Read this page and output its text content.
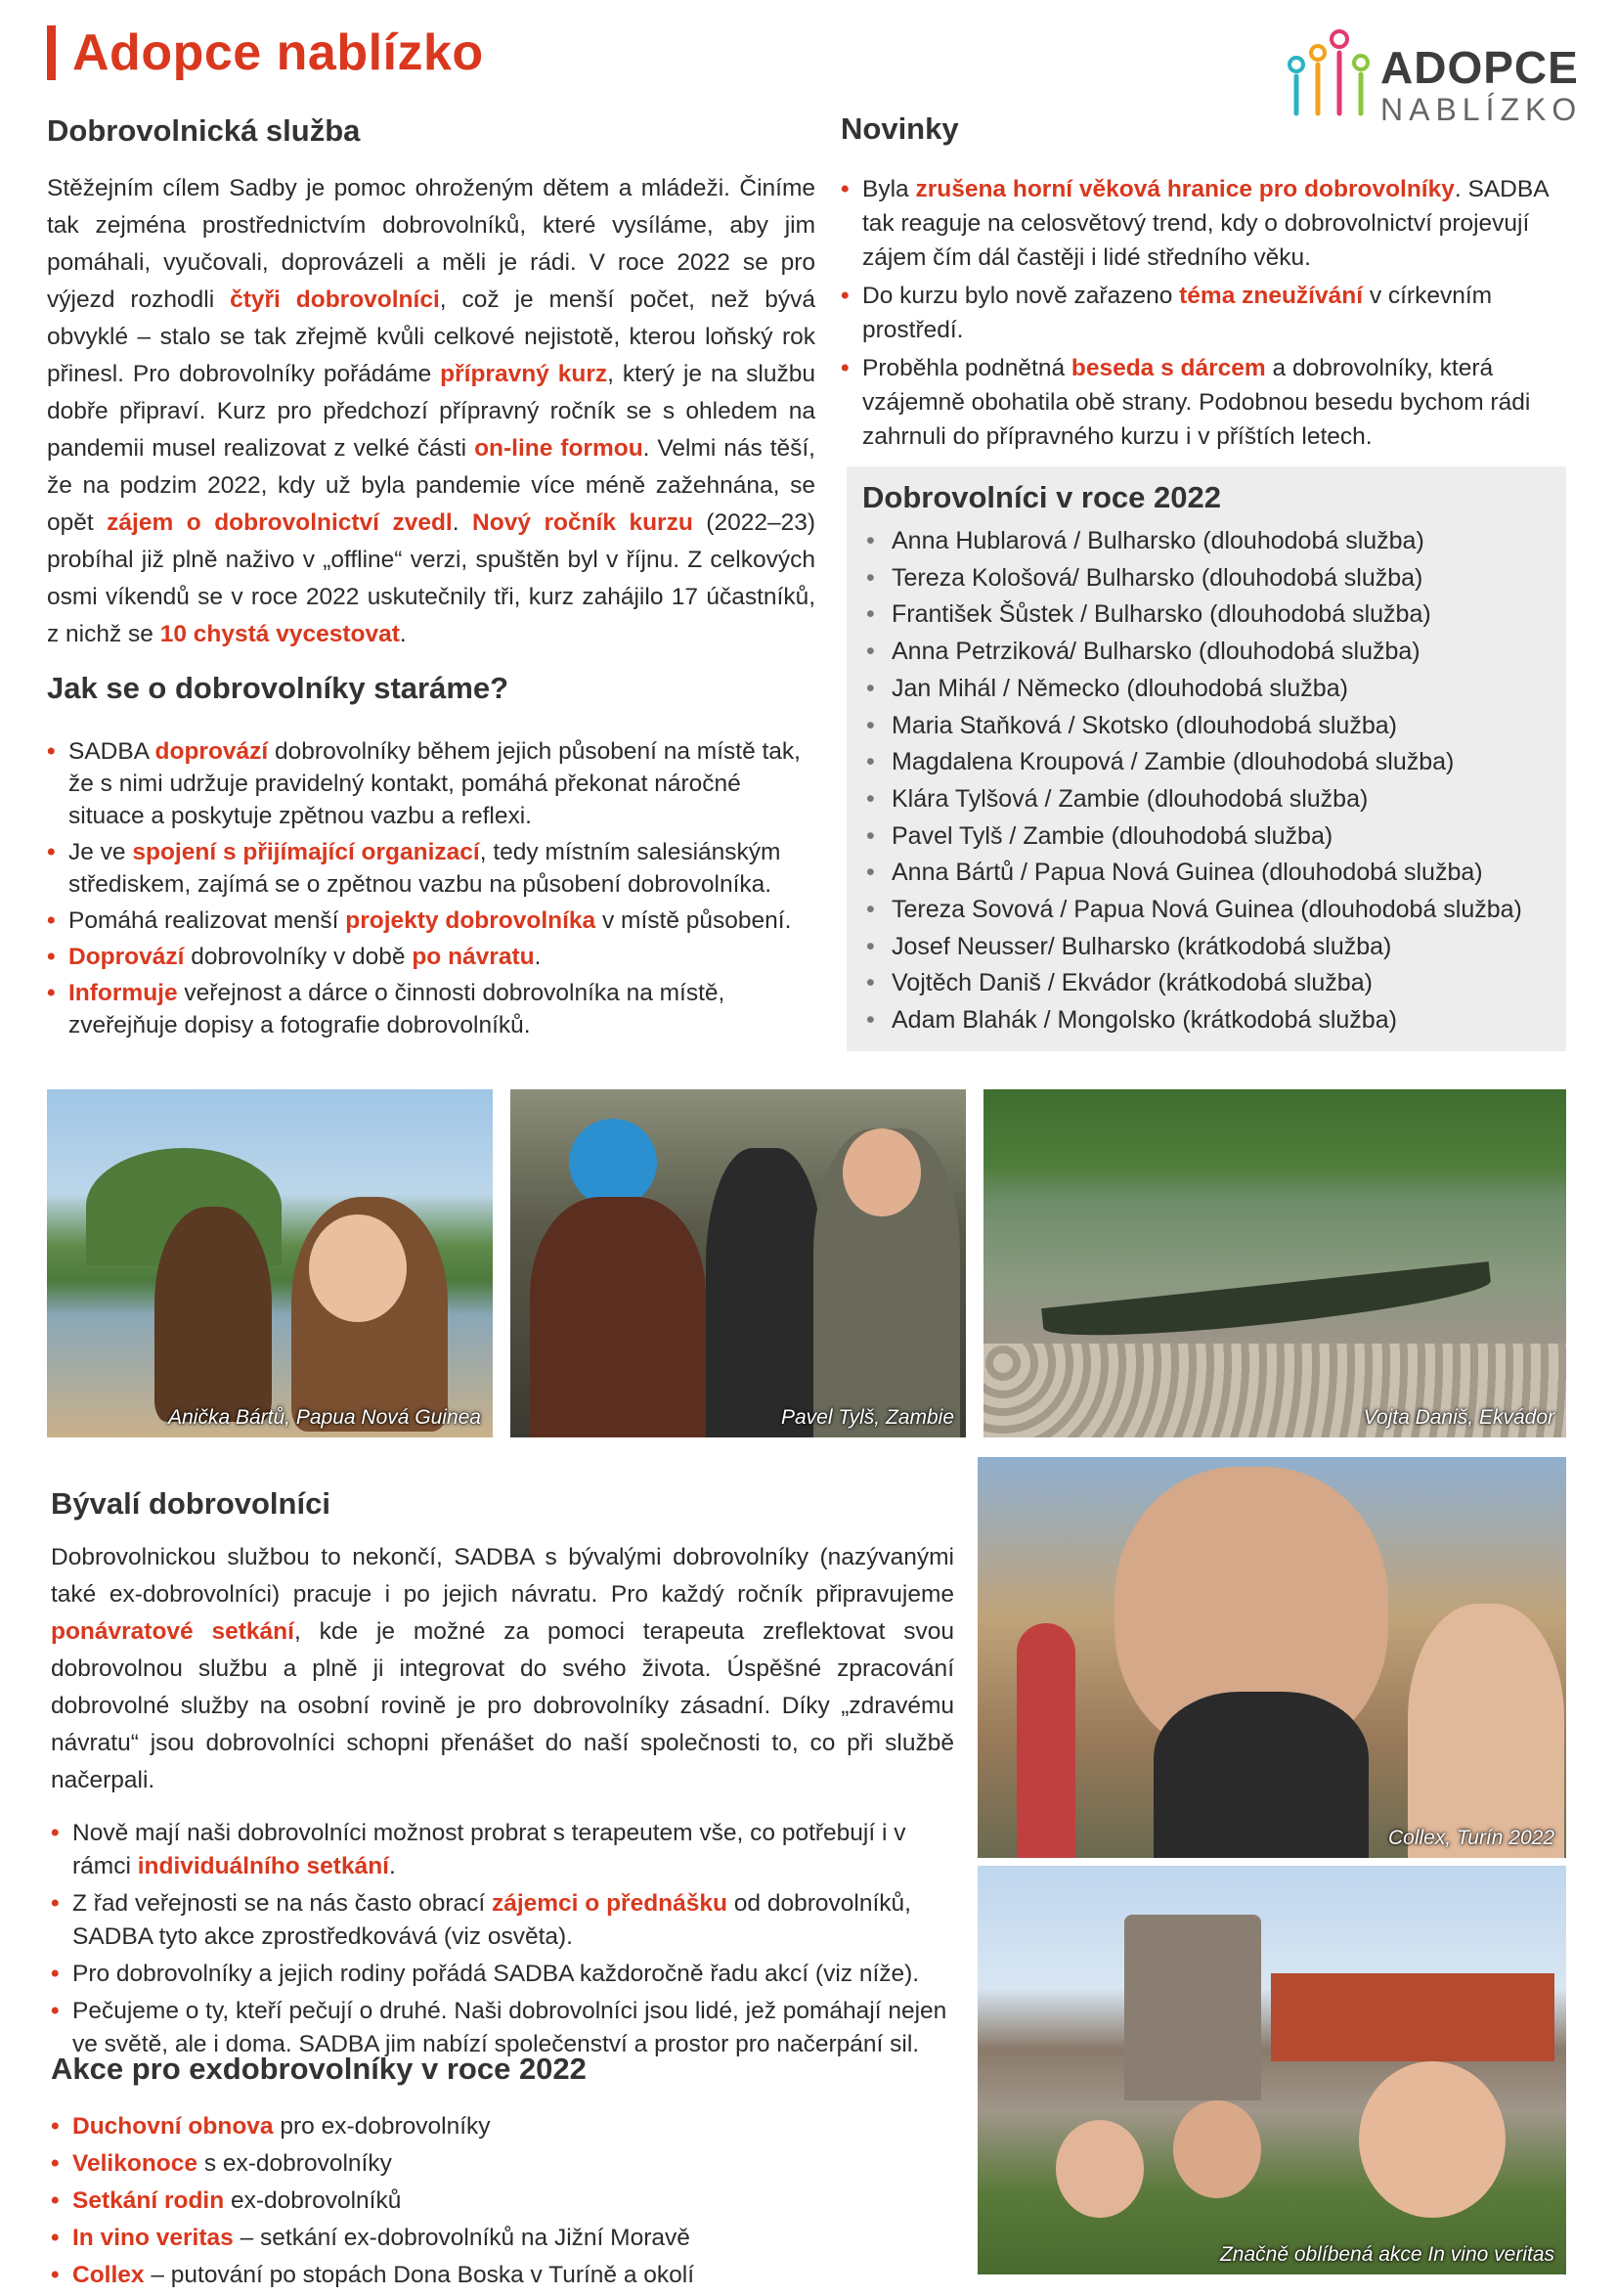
Adopce nablízko	ADOPCE
NABLÍZKO
Dobrovolnická služba
Stěžejním cílem Sadby je pomoc ohroženým dětem a mládeži. Činíme tak zejména prostřednictvím dobrovolníků, které vysíláme, aby jim pomáhali, vyučovali, doprovázeli a měli je rádi. V roce 2022 se pro výjezd rozhodli čtyři dobrovolníci, což je menší počet, než bývá obvyklé – stalo se tak zřejmě kvůli celkové nejistotě, kterou loňský rok přinesl. Pro dobrovolníky pořádáme přípravný kurz, který je na službu dobře připraví. Kurz pro předchozí přípravný ročník se s ohledem na pandemii musel realizovat z velké části on-line formou. Velmi nás těší, že na podzim 2022, kdy už byla pandemie více méně zažehnána, se opět zájem o dobrovolnictví zvedl. Nový ročník kurzu (2022–23) probíhal již plně naživo v „offline“ verzi, spuštěn byl v říjnu. Z celkových osmi víkendů se v roce 2022 uskutečnily tři, kurz zahájilo 17 účastníků, z nichž se 10 chystá vycestovat.
Jak se o dobrovolníky staráme?
• SADBA doprovází dobrovolníky během jejich působení na místě tak, že s nimi udržuje pravidelný kontakt, pomáhá překonat náročné situace a poskytuje zpětnou vazbu a reflexi.
• Je ve spojení s přijímající organizací, tedy místním salesiánským střediskem, zajímá se o zpětnou vazbu na působení dobrovolníka.
• Pomáhá realizovat menší projekty dobrovolníka v místě působení.
• Doprovází dobrovolníky v době po návratu.
• Informuje veřejnost a dárce o činnosti dobrovolníka na místě, zveřejňuje dopisy a fotografie dobrovolníků.
Novinky
• Byla zrušena horní věková hranice pro dobrovolníky. SADBA tak reaguje na celosvětový trend, kdy o dobrovolnictví projevují zájem čím dál častěji i lidé středního věku.
• Do kurzu bylo nově zařazeno téma zneužívání v církevním prostředí.
• Proběhla podnětná beseda s dárcem a dobrovolníky, která vzájemně obohatila obě strany. Podobnou besedu bychom rádi zahrnuli do přípravného kurzu i v příštích letech.
Dobrovolníci v roce 2022
• Anna Hublarová / Bulharsko (dlouhodobá služba)
• Tereza Kološová/ Bulharsko (dlouhodobá služba)
• František Šůstek / Bulharsko (dlouhodobá služba)
• Anna Petrziková/ Bulharsko (dlouhodobá služba)
• Jan Mihál / Německo (dlouhodobá služba)
• Maria Staňková / Skotsko (dlouhodobá služba)
• Magdalena Kroupová / Zambie (dlouhodobá služba)
• Klára Tylšová / Zambie (dlouhodobá služba)
• Pavel Tylš / Zambie (dlouhodobá služba)
• Anna Bártů / Papua Nová Guinea (dlouhodobá služba)
• Tereza Sovová / Papua Nová Guinea (dlouhodobá služba)
• Josef Neusser/ Bulharsko (krátkodobá služba)
• Vojtěch Daniš / Ekvádor (krátkodobá služba)
• Adam Blahák / Mongolsko (krátkodobá služba)
Anička Bártů, Papua Nová Guinea	Pavel Tylš, Zambie	Vojta Daniš, Ekvádor
Bývalí dobrovolníci
Dobrovolnickou službou to nekončí, SADBA s bývalými dobrovolníky (nazývanými také ex-dobrovolníci) pracuje i po jejich návratu. Pro každý ročník připravujeme ponávratové setkání, kde je možné za pomoci terapeuta zreflektovat svou dobrovolnou službu a plně ji integrovat do svého života. Úspěšné zpracování dobrovolné služby na osobní rovině je pro dobrovolníky zásadní. Díky „zdravému návratu“ jsou dobrovolníci schopni přenášet do naší společnosti to, co při službě načerpali.
• Nově mají naši dobrovolníci možnost probrat s terapeutem vše, co potřebují i v rámci individuálního setkání.
• Z řad veřejnosti se na nás často obrací zájemci o přednášku od dobrovolníků, SADBA tyto akce zprostředkovává (viz osvěta).
• Pro dobrovolníky a jejich rodiny pořádá SADBA každoročně řadu akcí (viz níže).
• Pečujeme o ty, kteří pečují o druhé. Naši dobrovolníci jsou lidé, jež pomáhají nejen ve světě, ale i doma. SADBA jim nabízí společenství a prostor pro načerpání sil.
Akce pro exdobrovolníky v roce 2022
• Duchovní obnova pro ex-dobrovolníky
• Velikonoce s ex-dobrovolníky
• Setkání rodin ex-dobrovolníků
• In vino veritas – setkání ex-dobrovolníků na Jižní Moravě
• Collex – putování po stopách Dona Boska v Turíně a okolí
Collex, Turín 2022
Značně oblíbená akce In vino veritas
